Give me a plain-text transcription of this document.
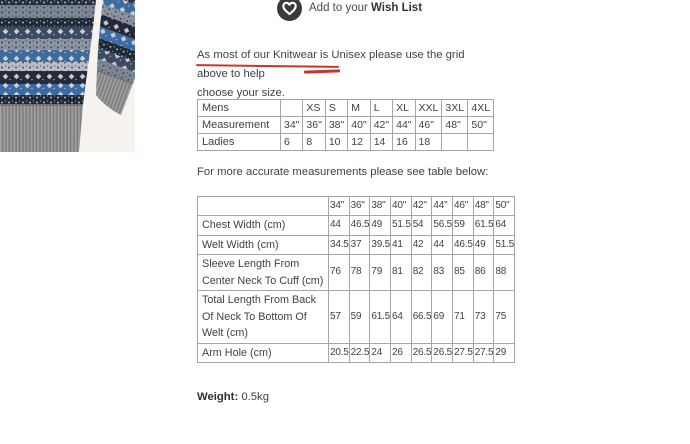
Add to your Wish List
As most of our Knitwear is Unisex please use the grid above to help
choose your size.
Mens		XS	S	M	L	XL	XXL	3XL	4XL
Measurement	34"	36"	38"	40"	42"	44"	46"	48"	50"
Ladies	6	8	10	12	14	16	18		
For more accurate measurements please see table below:
	34"	36"	38"	40"	42"	44"	46"	48"	50"
Chest Width (cm)	44	46.5	49	51.5	54	56.5	59	61.5	64
Welt Width (cm)	34.5	37	39.5	41	42	44	46.5	49	51.5
Sleeve Length From Center Neck To Cuff (cm)	76	78	79	81	82	83	85	86	88
Total Length From Back Of Neck To Bottom Of Welt (cm)	57	59	61.5	64	66.5	69	71	73	75
Arm Hole (cm)	20.5	22.5	24	26	26.5	26.5	27.5	27.5	29
Weight: 0.5kg
